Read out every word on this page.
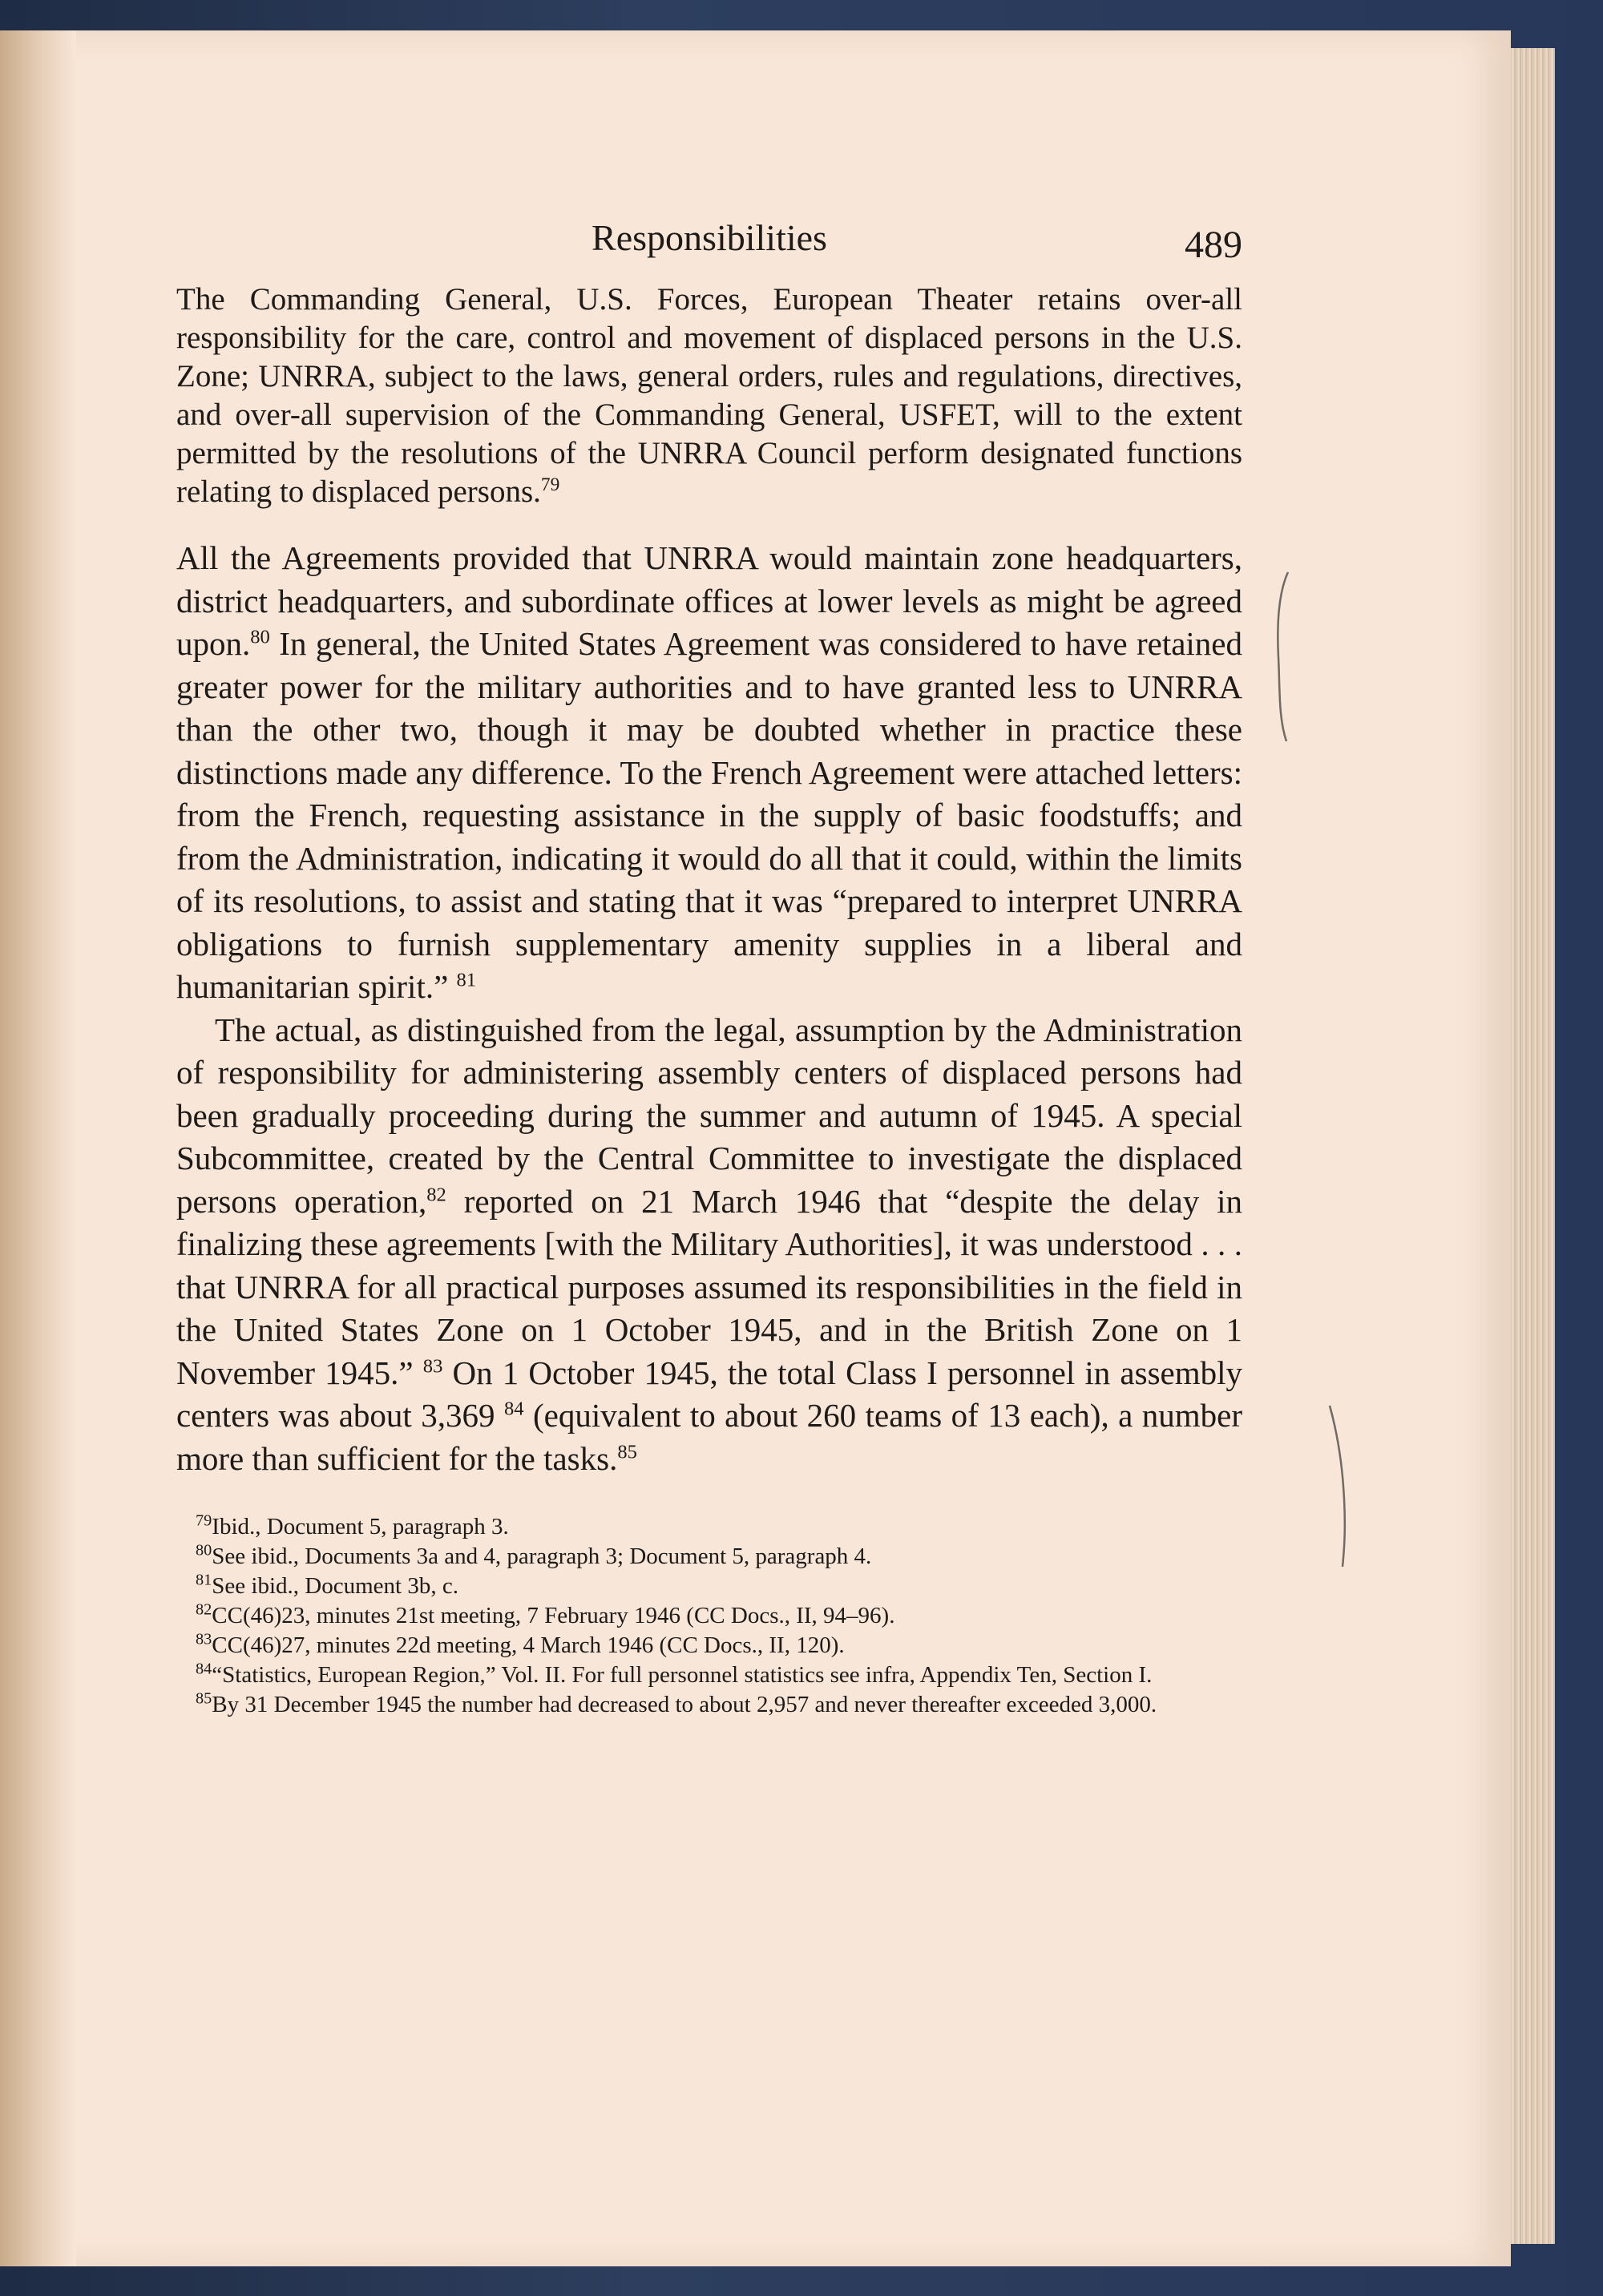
Responsibilities	489

The Commanding General, U.S. Forces, European Theater retains over-all responsibility for the care, control and movement of displaced persons in the U.S. Zone; UNRRA, subject to the laws, general orders, rules and regulations, directives, and over-all supervision of the Commanding General, USFET, will to the extent permitted by the resolutions of the UNRRA Council perform designated functions relating to displaced persons.$^{79}$

All the Agreements provided that UNRRA would maintain zone headquarters, district headquarters, and subordinate offices at lower levels as might be agreed upon.$^{80}$ In general, the United States Agreement was considered to have retained greater power for the military authorities and to have granted less to UNRRA than the other two, though it may be doubted whether in practice these distinctions made any difference. To the French Agreement were attached letters: from the French, requesting assistance in the supply of basic foodstuffs; and from the Administration, indicating it would do all that it could, within the limits of its resolutions, to assist and stating that it was “prepared to interpret UNRRA obligations to furnish supplementary amenity supplies in a liberal and humanitarian spirit.” $^{81}$

The actual, as distinguished from the legal, assumption by the Administration of responsibility for administering assembly centers of displaced persons had been gradually proceeding during the summer and autumn of 1945. A special Subcommittee, created by the Central Committee to investigate the displaced persons operation,$^{82}$ reported on 21 March 1946 that “despite the delay in finalizing these agreements [with the Military Authorities], it was understood . . . that UNRRA for all practical purposes assumed its responsibilities in the field in the United States Zone on 1 October 1945, and in the British Zone on 1 November 1945.” $^{83}$ On 1 October 1945, the total Class I personnel in assembly centers was about 3,369 $^{84}$ (equivalent to about 260 teams of 13 each), a number more than sufficient for the tasks.$^{85}$

$^{79}$Ibid., Document 5, paragraph 3.

$^{80}$See ibid., Documents 3a and 4, paragraph 3; Document 5, paragraph 4.

$^{81}$See ibid., Document 3b, c.

$^{82}$CC(46)23, minutes 21st meeting, 7 February 1946 (CC Docs., II, 94–96).

$^{83}$CC(46)27, minutes 22d meeting, 4 March 1946 (CC Docs., II, 120).

$^{84}$“Statistics, European Region,” Vol. II. For full personnel statistics see infra, Appendix Ten, Section I.

$^{85}$By 31 December 1945 the number had decreased to about 2,957 and never thereafter exceeded 3,000.
